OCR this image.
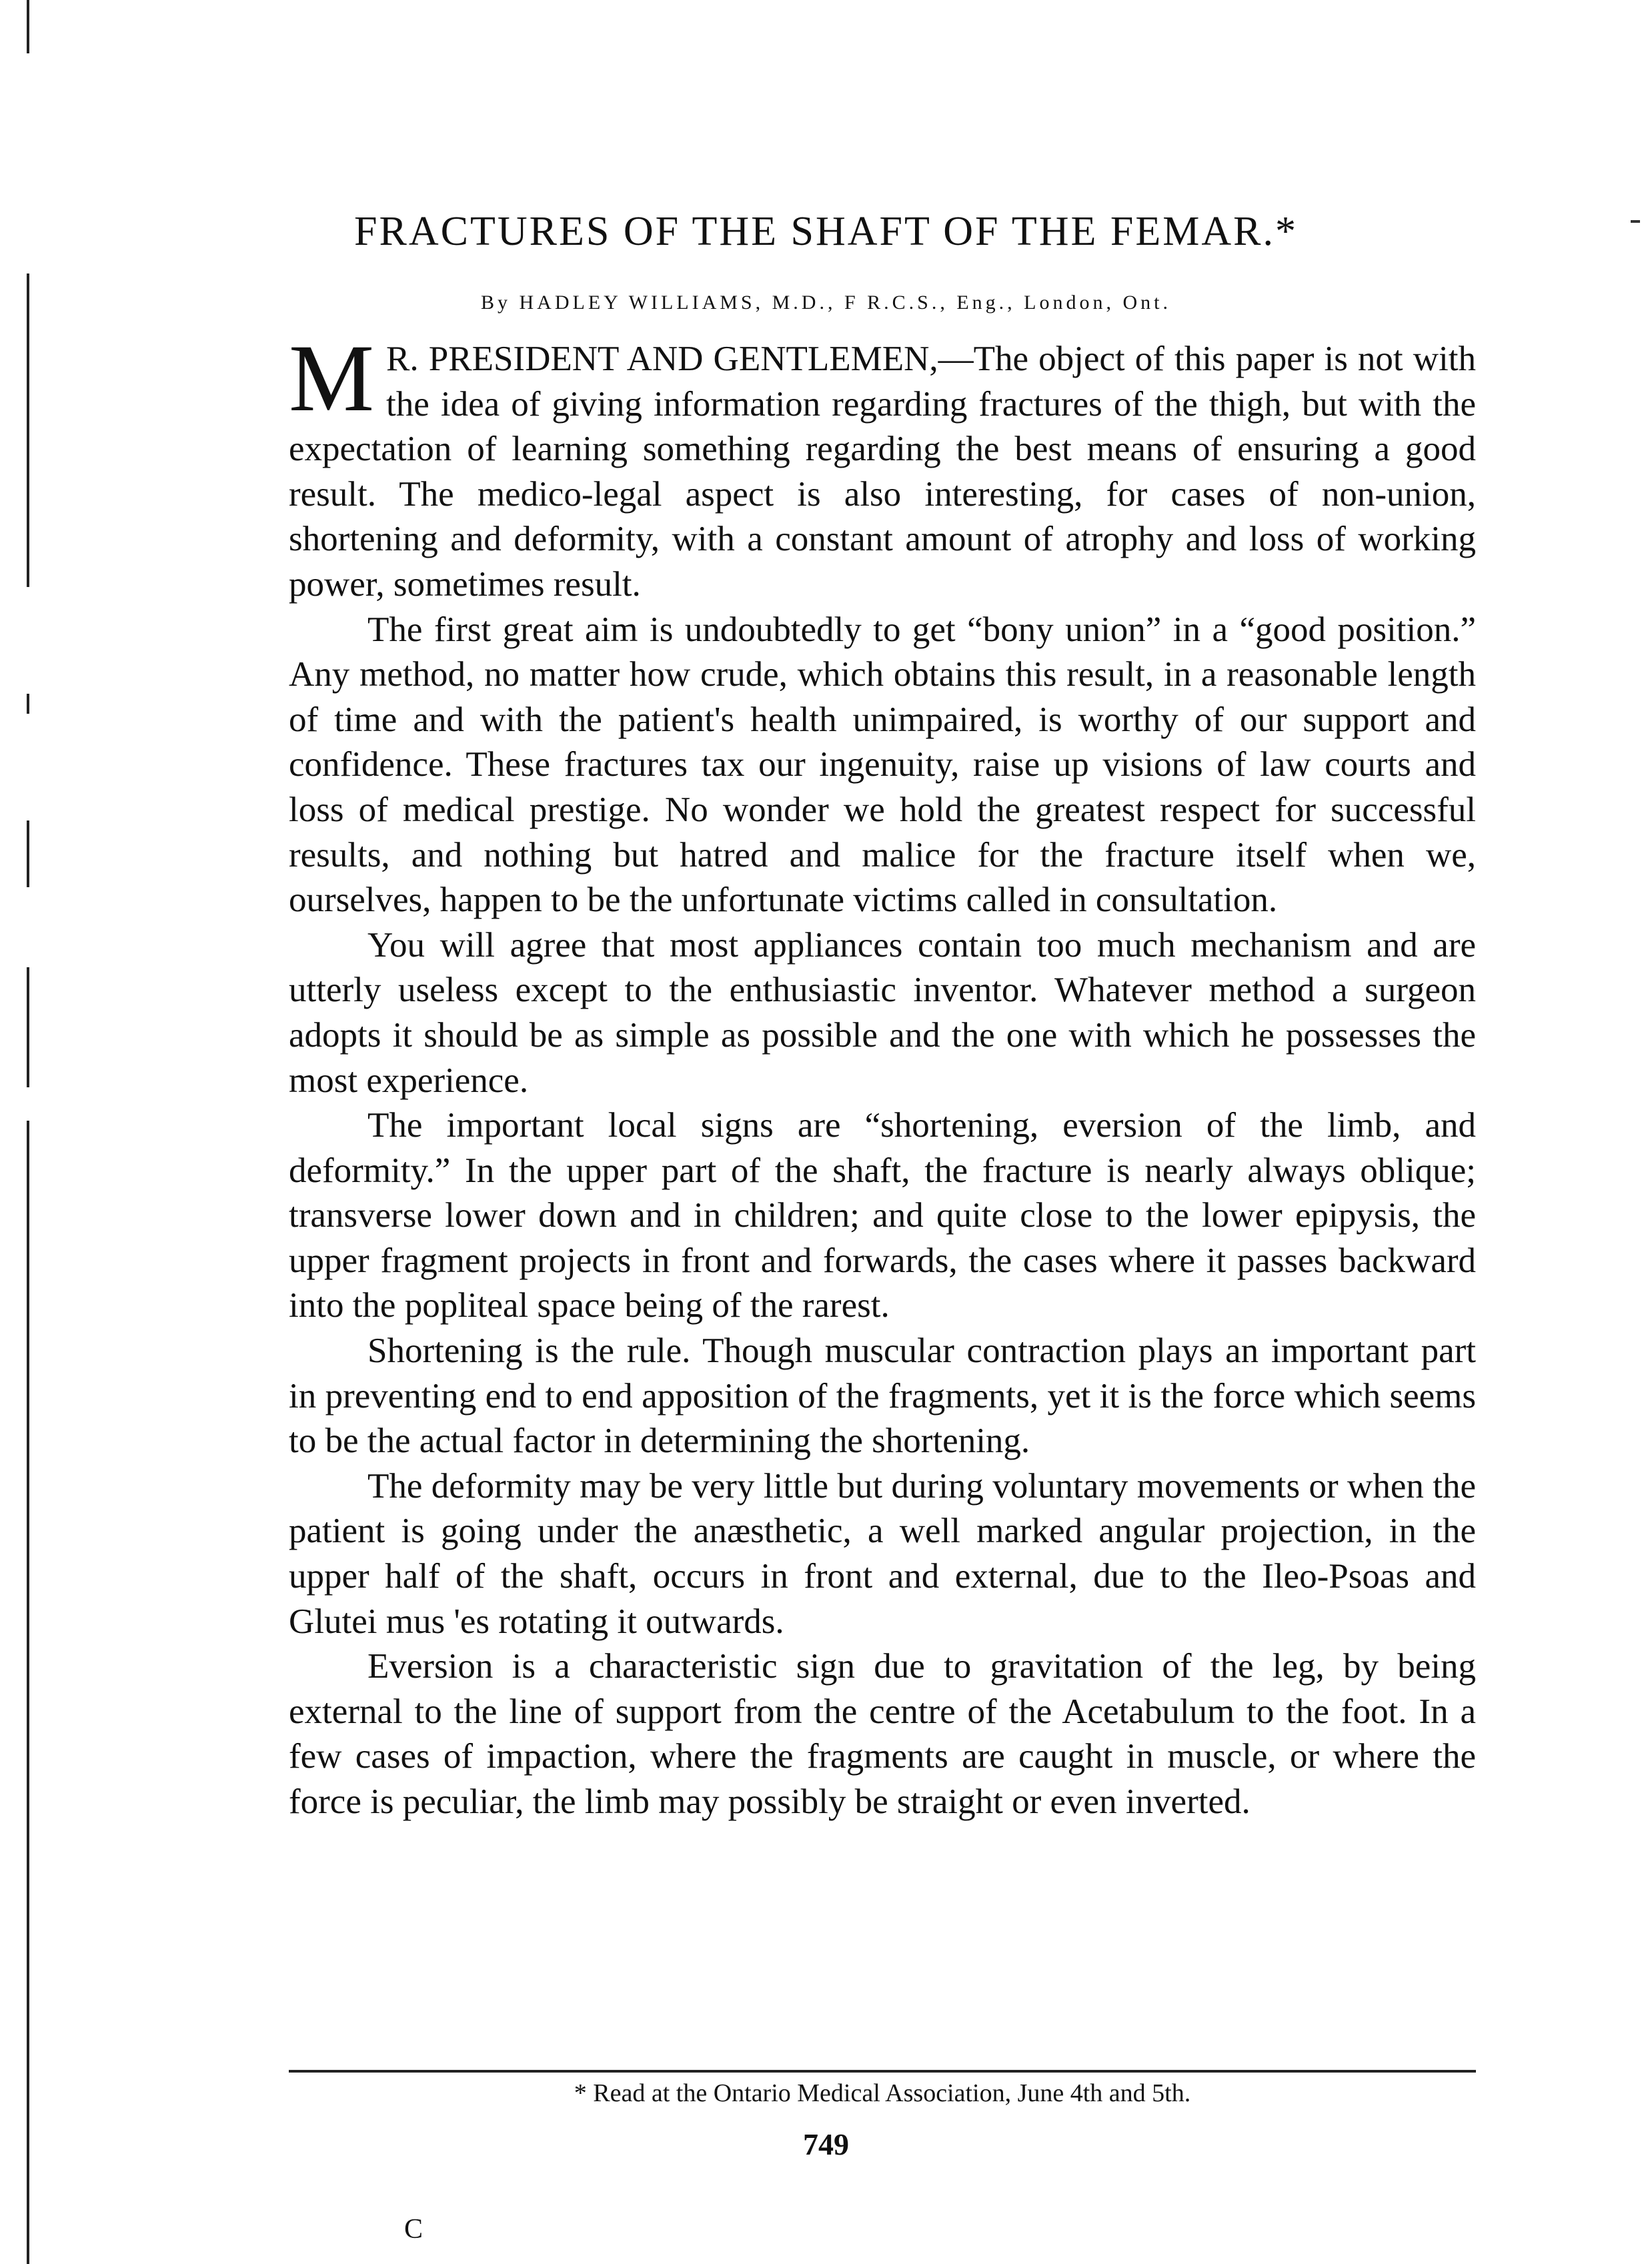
FRACTURES OF THE SHAFT OF THE FEMAR.*
By HADLEY WILLIAMS, M.D., F R.C.S., Eng., London, Ont.

M R. PRESIDENT AND GENTLEMEN,—The object of this paper is not with the idea of giving information regarding fractures of the thigh, but with the expectation of learning something regarding the best means of ensuring a good result. The medico-legal aspect is also interesting, for cases of non-union, shortening and deformity, with a constant amount of atrophy and loss of working power, sometimes result.

The first great aim is undoubtedly to get “bony union” in a “good position.” Any method, no matter how crude, which obtains this result, in a reasonable length of time and with the patient's health unimpaired, is worthy of our support and confidence. These fractures tax our ingenuity, raise up visions of law courts and loss of medical prestige. No wonder we hold the greatest respect for successful results, and nothing but hatred and malice for the fracture itself when we, ourselves, happen to be the unfortunate victims called in consultation.

You will agree that most appliances contain too much mechanism and are utterly useless except to the enthusiastic inventor. Whatever method a surgeon adopts it should be as simple as possible and the one with which he possesses the most experience.

The important local signs are “shortening, eversion of the limb, and deformity.” In the upper part of the shaft, the fracture is nearly always oblique; transverse lower down and in children; and quite close to the lower epipysis, the upper fragment projects in front and forwards, the cases where it passes backward into the popliteal space being of the rarest.

Shortening is the rule. Though muscular contraction plays an important part in preventing end to end apposition of the fragments, yet it is the force which seems to be the actual factor in determining the shortening.

The deformity may be very little but during voluntary movements or when the patient is going under the anæsthetic, a well marked angular projection, in the upper half of the shaft, occurs in front and external, due to the Ileo-Psoas and Glutei mus 'es rotating it outwards.

Eversion is a characteristic sign due to gravitation of the leg, by being external to the line of support from the centre of the Acetabulum to the foot. In a few cases of impaction, where the fragments are caught in muscle, or where the force is peculiar, the limb may possibly be straight or even inverted.

* Read at the Ontario Medical Association, June 4th and 5th.
749
C
